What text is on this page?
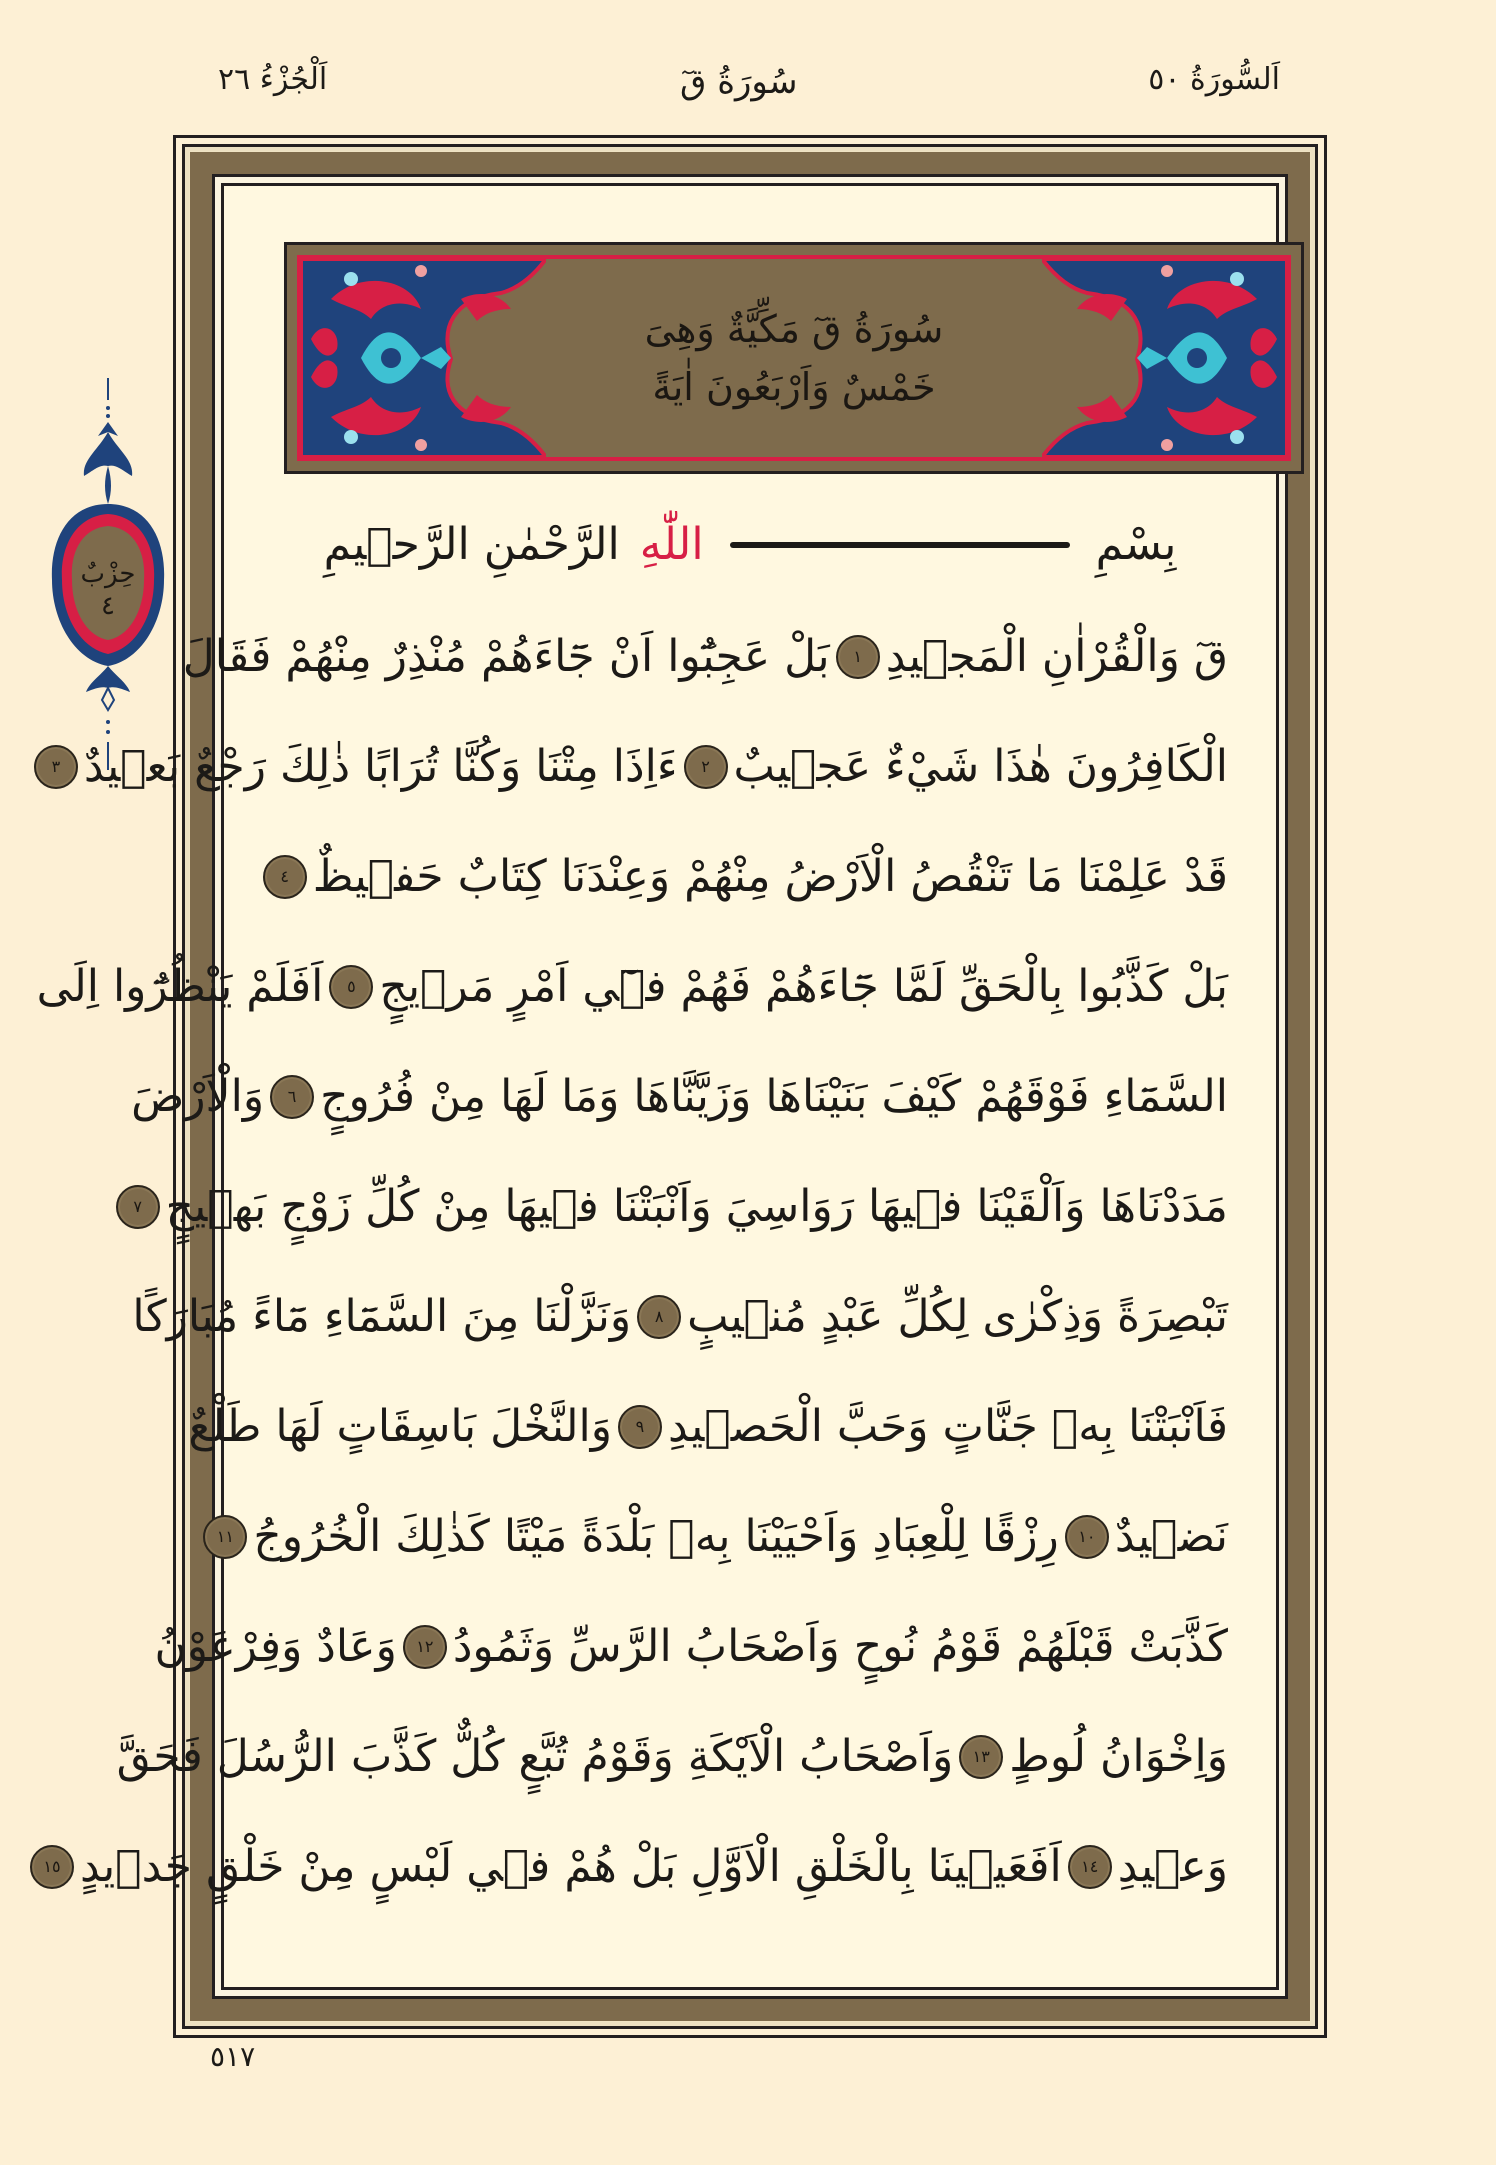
اَلْجُزْءُ ٢٦	سُورَةُ قٓ	اَلسُّورَةُ ٥٠
حِزْبٌ
٤
سُورَةُ قٓ مَكِّيَّةٌ وَهِىَ
خَمْسٌ وَاَرْبَعُونَ اٰيَةً
بِسْمِ
اللّٰهِ
الرَّحْمٰنِ الرَّح۪يمِ
قٓ وَالْقُرْاٰنِ الْمَج۪يدِ
١
بَلْ عَجِبُٓوا اَنْ جَٓاءَهُمْ مُنْذِرٌ مِنْهُمْ فَقَالَ
الْكَافِرُونَ هٰذَا شَيْءٌ عَج۪يبٌ
٢
ءَاِذَا مِتْنَا وَكُنَّا تُرَابًا ذٰلِكَ رَجْعٌ بَع۪يدٌ
٣
قَدْ عَلِمْنَا مَا تَنْقُصُ الْاَرْضُ مِنْهُمْ وَعِنْدَنَا كِتَابٌ حَف۪يظٌ
٤
بَلْ كَذَّبُوا بِالْحَقِّ لَمَّا جَٓاءَهُمْ فَهُمْ ف۪ٓي اَمْرٍ مَر۪يجٍ
٥
اَفَلَمْ يَنْظُرُٓوا اِلَى
السَّمَٓاءِ فَوْقَهُمْ كَيْفَ بَنَيْنَاهَا وَزَيَّنَّاهَا وَمَا لَهَا مِنْ فُرُوجٍ
٦
وَالْاَرْضَ
مَدَدْنَاهَا وَاَلْقَيْنَا ف۪يهَا رَوَاسِيَ وَاَنْبَتْنَا ف۪يهَا مِنْ كُلِّ زَوْجٍ بَه۪يجٍ
٧
تَبْصِرَةً وَذِكْرٰى لِكُلِّ عَبْدٍ مُن۪يبٍ
٨
وَنَزَّلْنَا مِنَ السَّمَٓاءِ مَٓاءً مُبَارَكًا
فَاَنْبَتْنَا بِه۪ جَنَّاتٍ وَحَبَّ الْحَص۪يدِ
٩
وَالنَّخْلَ بَاسِقَاتٍ لَهَا طَلْعٌ
نَض۪يدٌ
١٠
رِزْقًا لِلْعِبَادِ وَاَحْيَيْنَا بِه۪ بَلْدَةً مَيْتًا كَذٰلِكَ الْخُرُوجُ
١١
كَذَّبَتْ قَبْلَهُمْ قَوْمُ نُوحٍ وَاَصْحَابُ الرَّسِّ وَثَمُودُ
١٢
وَعَادٌ وَفِرْعَوْنُ
وَاِخْوَانُ لُوطٍ
١٣
وَاَصْحَابُ الْاَيْكَةِ وَقَوْمُ تُبَّعٍ كُلٌّ كَذَّبَ الرُّسُلَ فَحَقَّ
وَع۪يدِ
١٤
اَفَعَي۪ينَا بِالْخَلْقِ الْاَوَّلِ بَلْ هُمْ ف۪ي لَبْسٍ مِنْ خَلْقٍ جَد۪يدٍ
١٥
٥١٧
